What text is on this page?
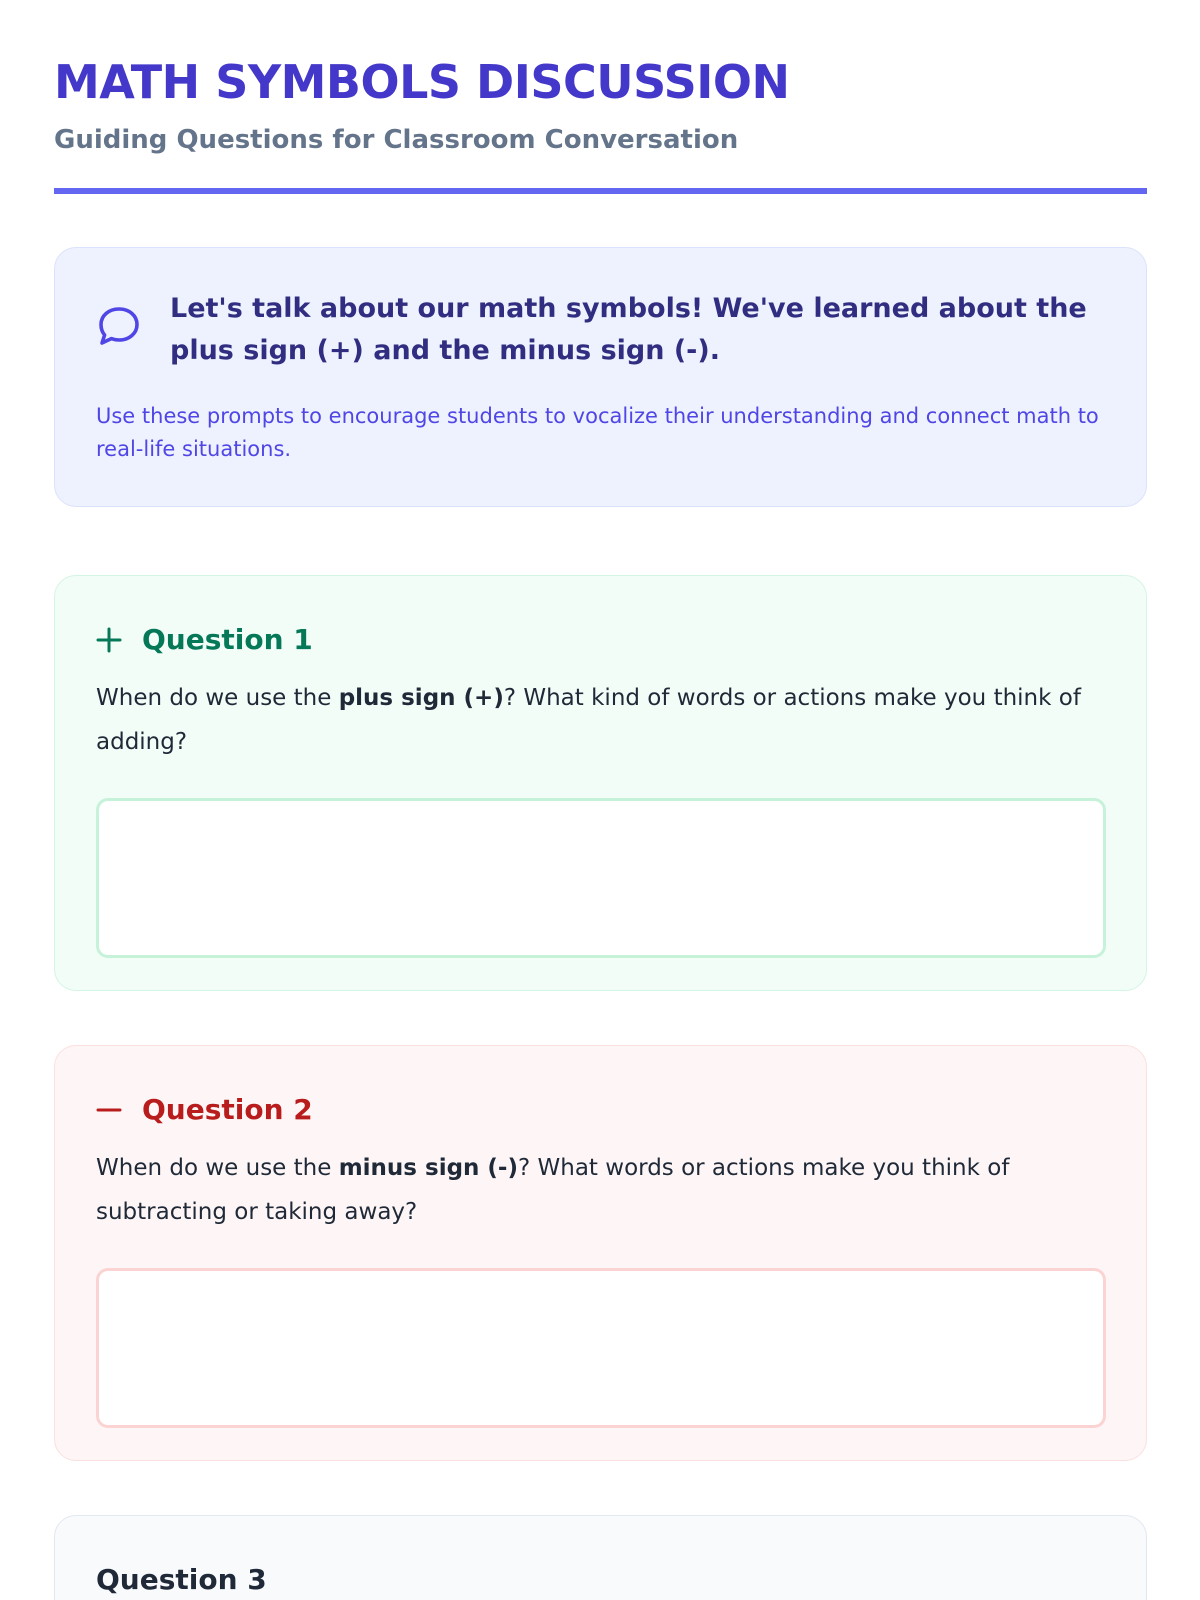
MATH SYMBOLS DISCUSSION

Guiding Questions for Classroom Conversation

Let's talk about our math symbols! We've learned about the plus sign (+) and the minus sign (-).

Use these prompts to encourage students to vocalize their understanding and connect math to real-life situations.

Question 1

When do we use the plus sign (+)? What kind of words or actions make you think of adding?

Question 2

When do we use the minus sign (-)? What words or actions make you think of subtracting or taking away?

Question 3
